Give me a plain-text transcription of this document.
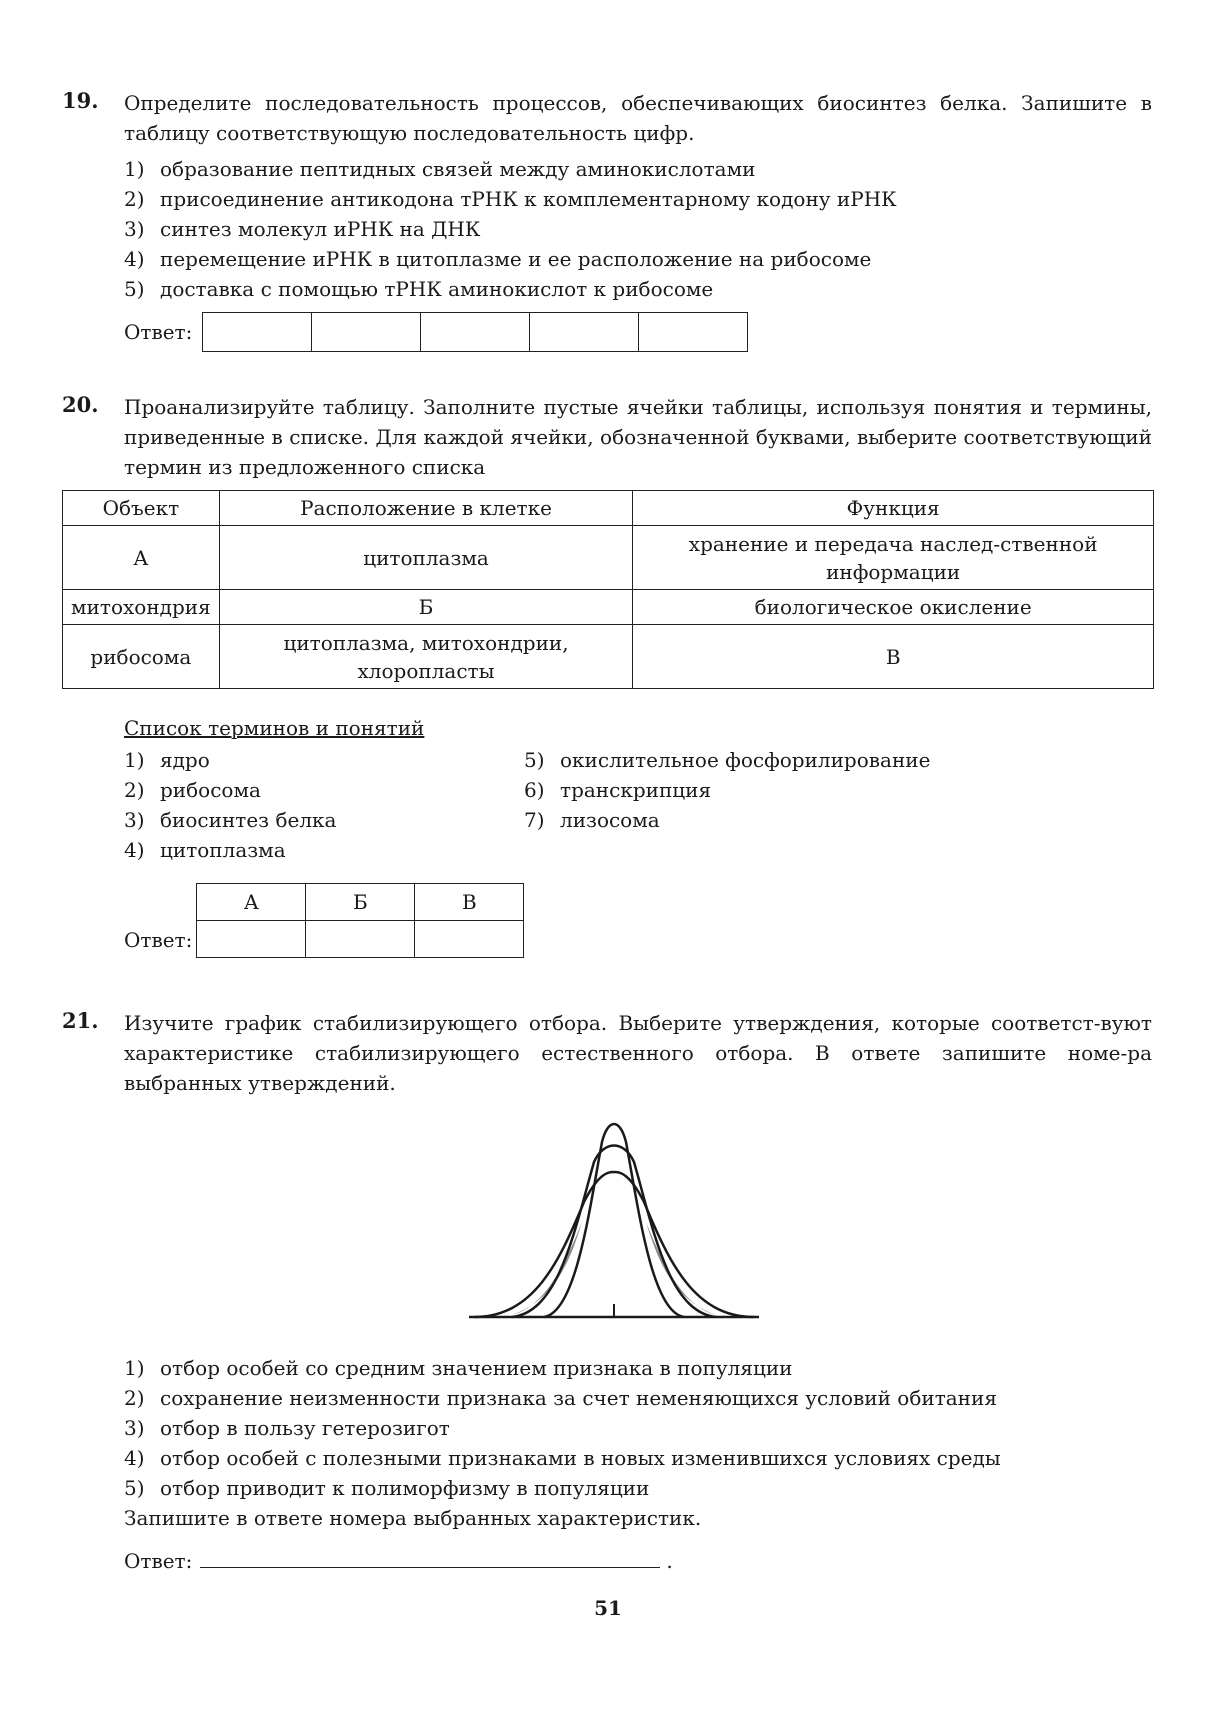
19. Определите последовательность процессов, обеспечивающих биосинтез белка. Запишите в таблицу соответствующую последовательность цифр.
1) образование пептидных связей между аминокислотами
2) присоединение антикодона тРНК к комплементарному кодону иРНК
3) синтез молекул иРНК на ДНК
4) перемещение иРНК в цитоплазме и ее расположение на рибосоме
5) доставка с помощью тРНК аминокислот к рибосоме
Ответ:
20. Проанализируйте таблицу. Заполните пустые ячейки таблицы, используя понятия и термины, приведенные в списке. Для каждой ячейки, обозначенной буквами, выберите соответствующий термин из предложенного списка
Объект	Расположение в клетке	Функция
А	цитоплазма	хранение и передача наслед-ственной информации
митохондрия	Б	биологическое окисление
рибосома	цитоплазма, митохондрии, хлоропласты	В
Список терминов и понятий
1) ядро	5) окислительное фосфорилирование
2) рибосома	6) транскрипция
3) биосинтез белка	7) лизосома
4) цитоплазма
Ответ:
А	Б	В

21. Изучите график стабилизирующего отбора. Выберите утверждения, которые соответст-вуют характеристике стабилизирующего естественного отбора. В ответе запишите номе-ра выбранных утверждений.
1) отбор особей со средним значением признака в популяции
2) сохранение неизменности признака за счет неменяющихся условий обитания
3) отбор в пользу гетерозигот
4) отбор особей с полезными признаками в новых изменившихся условиях среды
5) отбор приводит к полиморфизму в популяции
Запишите в ответе номера выбранных характеристик.
Ответ:	.
51
